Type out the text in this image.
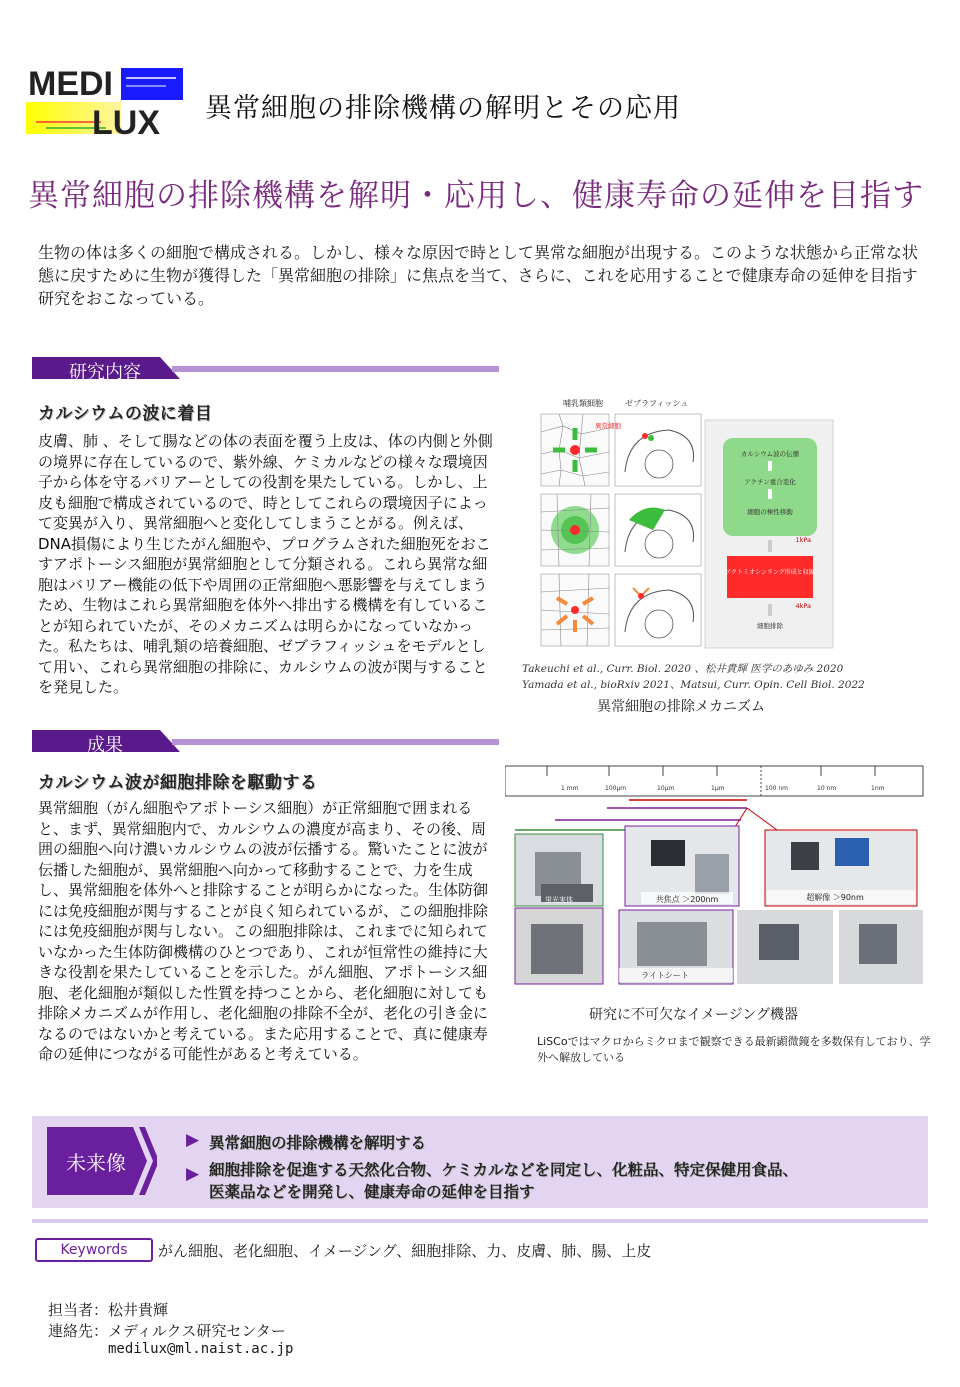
MEDI
LUX 異常細胞の排除機構の解明とその応用
異常細胞の排除機構を解明・応用し、健康寿命の延伸を目指す
生物の体は多くの細胞で構成される。しかし、様々な原因で時として異常な細胞が出現する。このような状態から正常な状態に戻すために生物が獲得した「異常細胞の排除」に焦点を当て、さらに、これを応用することで健康寿命の延伸を目指す研究をおこなっている。
研究内容
カルシウムの波に着目
皮膚、肺 、そして腸などの体の表面を覆う上皮は、体の内側と外側の境界に存在しているので、紫外線、ケミカルなどの様々な環境因子から体を守るバリアーとしての役割を果たしている。しかし、上皮も細胞で構成されているので、時としてこれらの環境因子によって変異が入り、異常細胞へと変化してしまうことがる。例えば、DNA損傷により生じたがん細胞や、プログラムされた細胞死をおこすアポトーシス細胞が異常細胞として分類される。これら異常な細胞はバリアー機能の低下や周囲の正常細胞へ悪影響を与えてしまうため、生物はこれら異常細胞を体外へ排出する機構を有していることが知られていたが、そのメカニズムは明らかになっていなかった。私たちは、哺乳類の培養細胞、ゼブラフィッシュをモデルとして用い、これら異常細胞の排除に、カルシウムの波が関与することを発見した。
哺乳類細胞	ゼブラフィッシュ
異常細胞
カルシウム波の伝播
アクチン重合変化
細胞の極性移動
1kPa
アクトミオシンリング形成と収縮
4kPa
細胞排除
Takeuchi et al., Curr. Biol. 2020 、松井貴輝 医学のあゆみ 2020
Yamada et al., bioRxiv 2021、Matsui, Curr. Opin. Cell Biol. 2022
異常細胞の排除メカニズム
成果
カルシウム波が細胞排除を駆動する
異常細胞（がん細胞やアポトーシス細胞）が正常細胞で囲まれると、まず、異常細胞内で、カルシウムの濃度が高まり、その後、周囲の細胞へ向け濃いカルシウムの波が伝播する。驚いたことに波が伝播した細胞が、異常細胞へ向かって移動することで、力を生成し、異常細胞を体外へと排除することが明らかになった。生体防御には免疫細胞が関与することが良く知られているが、この細胞排除には免疫細胞が関与しない。この細胞排除は、これまでに知られていなかった生体防御機構のひとつであり、これが恒常性の維持に大きな役割を果たしていることを示した。がん細胞、アポトーシス細胞、老化細胞が類似した性質を持つことから、老化細胞に対しても排除メカニズムが作用し、老化細胞の排除不全が、老化の引き金になるのではないかと考えている。また応用することで、真に健康寿命の延伸につながる可能性があると考えている。
1 mm	100μm	10μm	1μm	100 nm	10 nm	1nm
蛍光実体	共焦点 ＞200nm
ライトシート
超解像 ＞90nm
研究に不可欠なイメージング機器
LiSCoではマクロからミクロまで観察できる最新顕微鏡を多数保有しており、学外へ解放している
未来像
▶ 異常細胞の排除機構を解明する
▶ 細胞排除を促進する天然化合物、ケミカルなどを同定し、化粧品、特定保健用食品、
医薬品などを開発し、健康寿命の延伸を目指す
Keywords	がん細胞、老化細胞、イメージング、細胞排除、力、皮膚、肺、腸、上皮
担当者：松井貴輝
連絡先：メディルクス研究センター
medilux@ml.naist.ac.jp
